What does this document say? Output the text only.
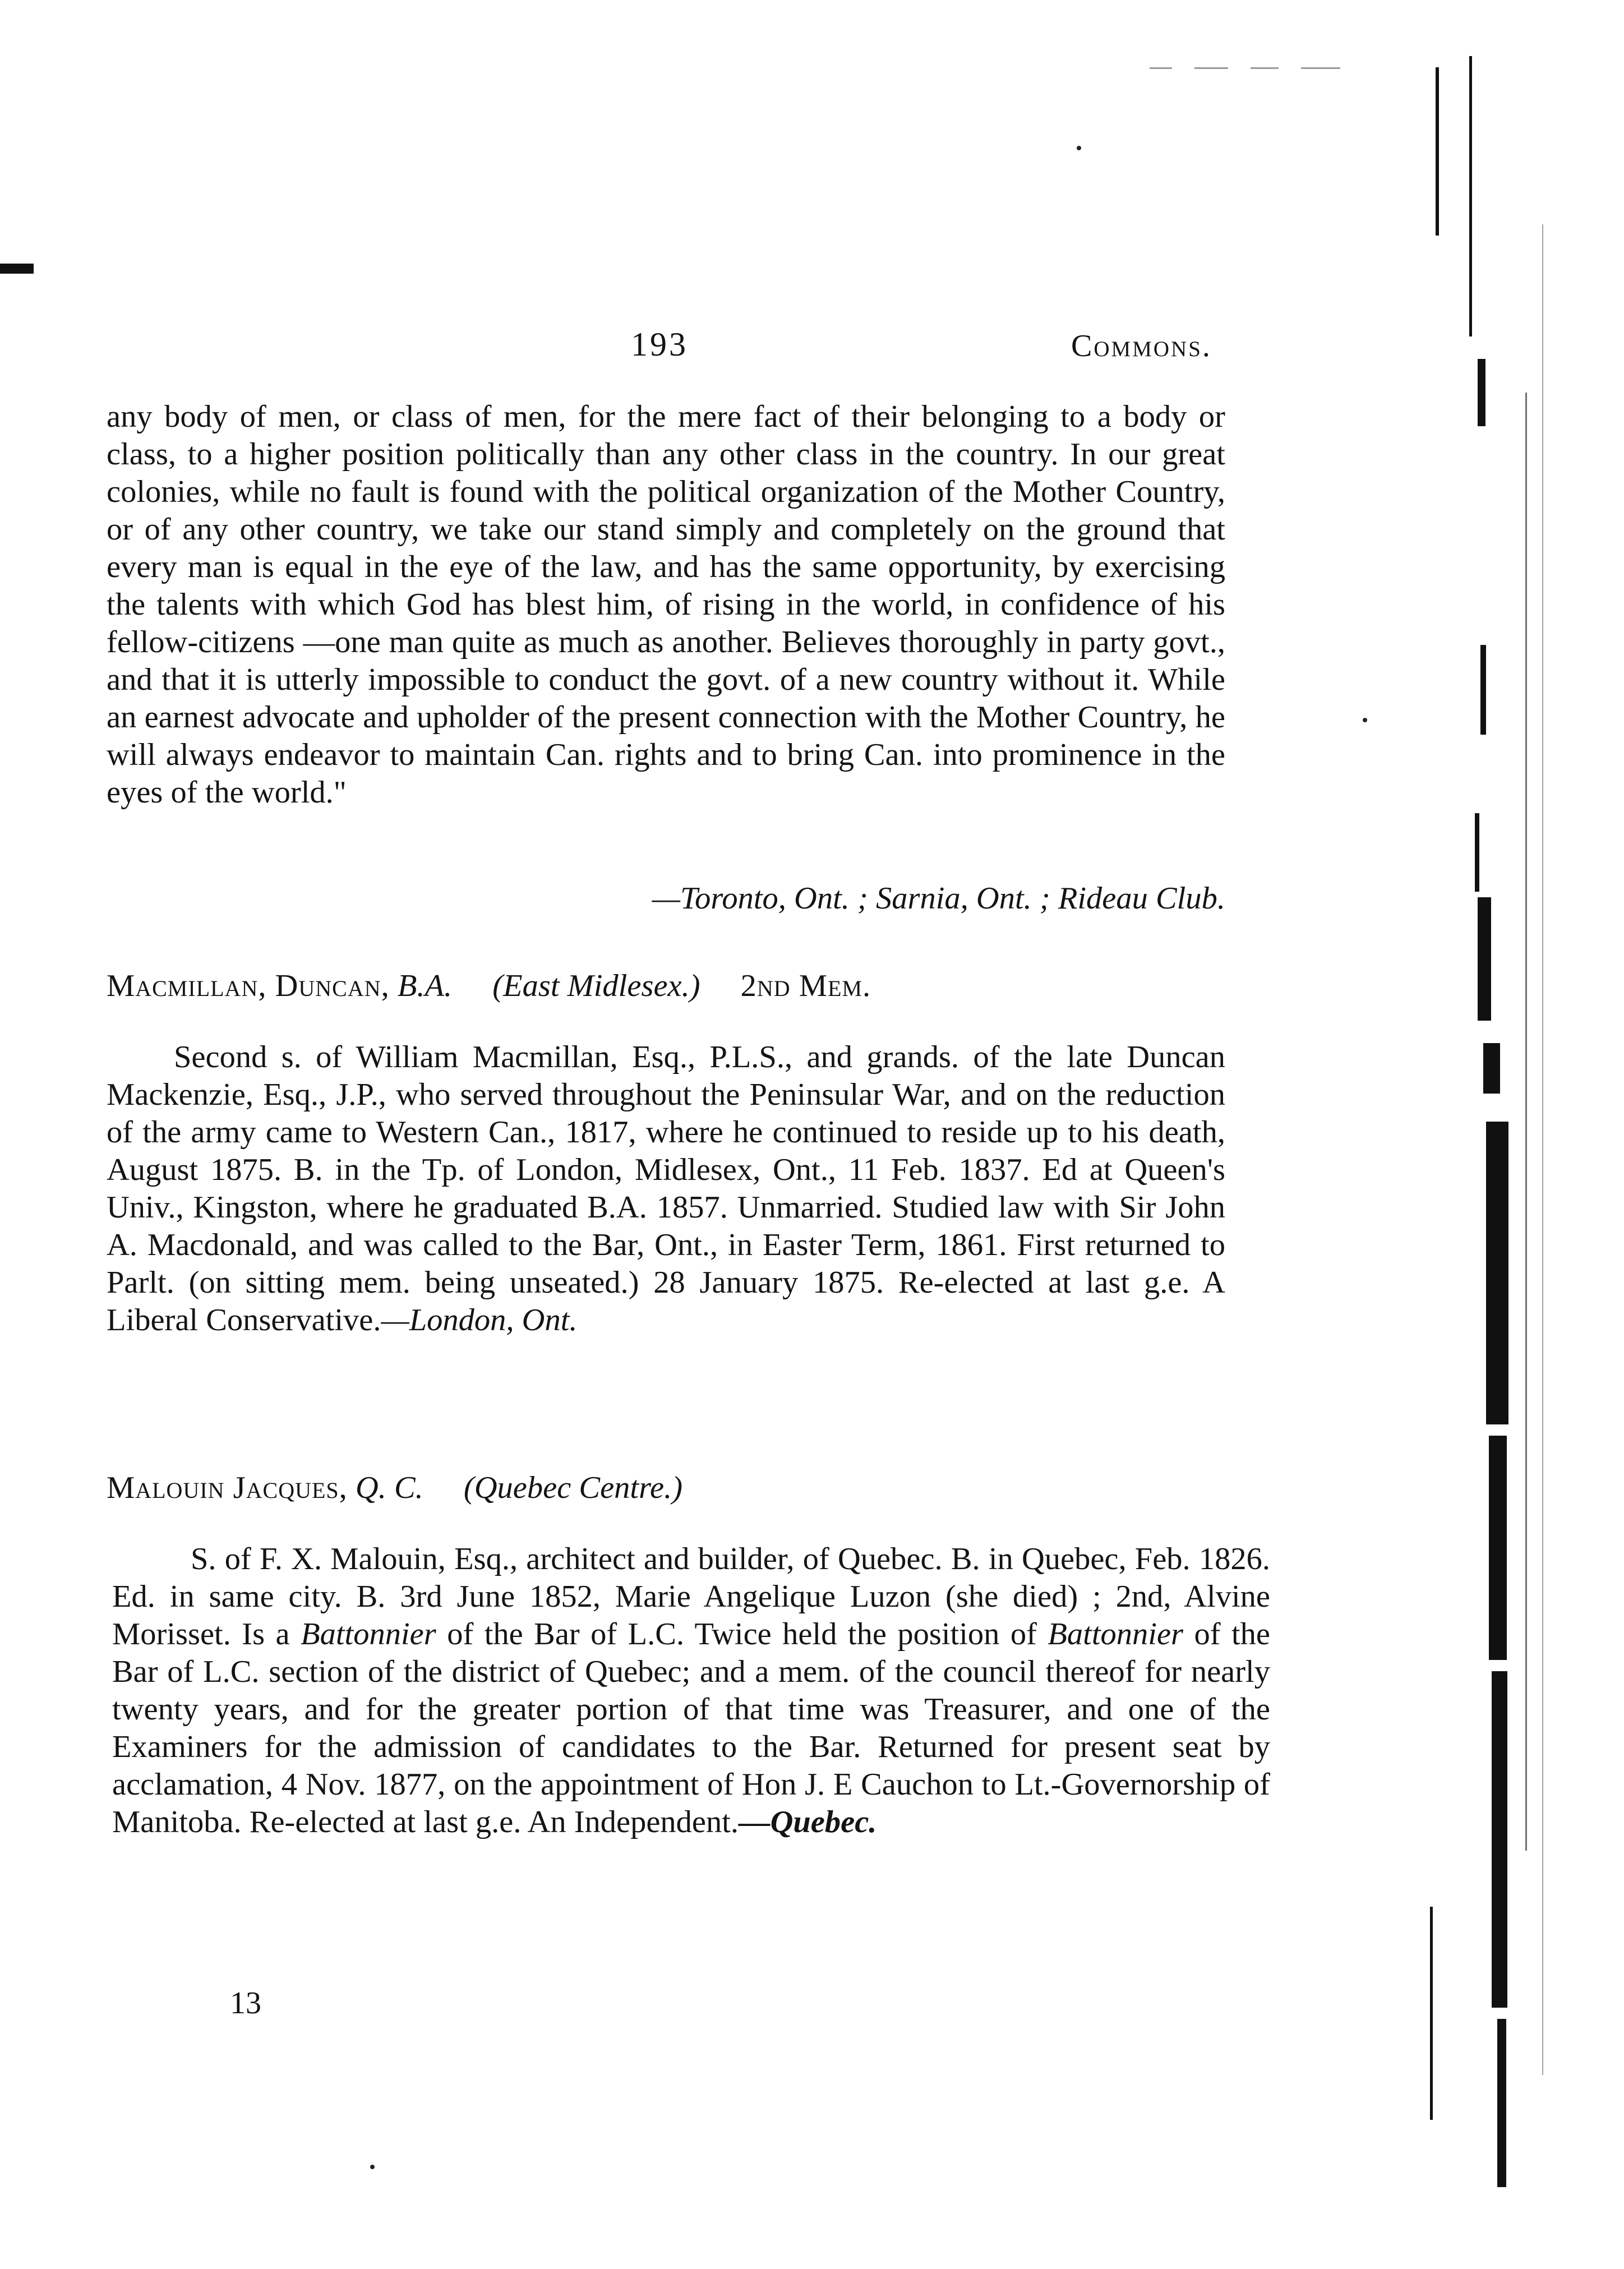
193	Commons.

any body of men, or class of men, for the mere fact of their belonging to a body or class, to a higher position politically than any other class in the country. In our great colonies, while no fault is found with the political organization of the Mother Country, or of any other country, we take our stand simply and completely on the ground that every man is equal in the eye of the law, and has the same opportunity, by exercising the talents with which God has blest him, of rising in the world, in confidence of his fellow-citizens —one man quite as much as another. Believes thoroughly in party govt., and that it is utterly impossible to conduct the govt. of a new country without it. While an earnest advocate and upholder of the present connection with the Mother Country, he will always endeavor to maintain Can. rights and to bring Can. into prominence in the eyes of the world."

—Toronto, Ont. ; Sarnia, Ont. ; Rideau Club.
Macmillan, Duncan, B.A. (East Midlesex.) 2nd Mem.

Second s. of William Macmillan, Esq., P.L.S., and grands. of the late Duncan Mackenzie, Esq., J.P., who served throughout the Peninsular War, and on the reduction of the army came to Western Can., 1817, where he continued to reside up to his death, August 1875. B. in the Tp. of London, Midlesex, Ont., 11 Feb. 1837. Ed at Queen's Univ., Kingston, where he graduated B.A. 1857. Unmarried. Studied law with Sir John A. Macdonald, and was called to the Bar, Ont., in Easter Term, 1861. First returned to Parlt. (on sitting mem. being unseated.) 28 January 1875. Re-elected at last g.e. A Liberal Conservative.—London, Ont.

Malouin Jacques, Q. C. (Quebec Centre.)

S. of F. X. Malouin, Esq., architect and builder, of Quebec. B. in Quebec, Feb. 1826. Ed. in same city. B. 3rd June 1852, Marie Angelique Luzon (she died) ; 2nd, Alvine Morisset. Is a Battonnier of the Bar of L.C. Twice held the position of Battonnier of the Bar of L.C. section of the district of Quebec; and a mem. of the council thereof for nearly twenty years, and for the greater portion of that time was Treasurer, and one of the Examiners for the admission of candidates to the Bar. Returned for present seat by acclamation, 4 Nov. 1877, on the appointment of Hon J. E Cauchon to Lt.-Governorship of Manitoba. Re-elected at last g.e. An Independent.—Quebec.

13
